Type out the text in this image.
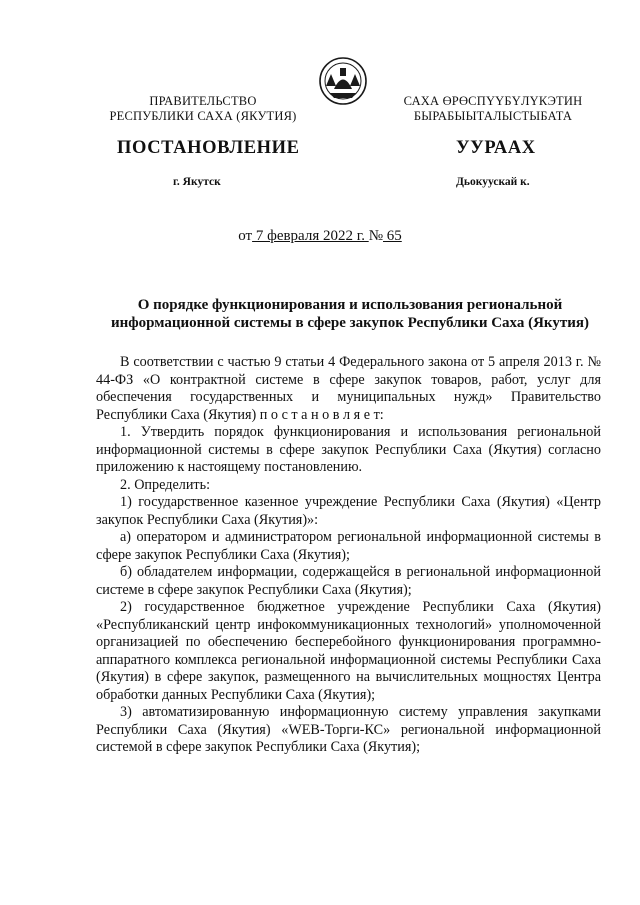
ПРАВИТЕЛЬСТВО
РЕСПУБЛИКИ САХА (ЯКУТИЯ)
САХА ӨРӨСПҮҮБҮЛҮКЭТИН
БЫРАБЫЫТАЛЫСТЫБАТА
ПОСТАНОВЛЕНИЕ	УУРААХ
г. Якутск	Дьокуускай к.
от 7 февраля 2022 г. № 65
О порядке функционирования и использования региональной
информационной системы в сфере закупок Республики Саха (Якутия)

В соответствии с частью 9 статьи 4 Федерального закона от 5 апреля 2013 г. № 44-ФЗ «О контрактной системе в сфере закупок товаров, работ, услуг для обеспечения государственных и муниципальных нужд» Правительство Республики Саха (Якутия) п о с т а н о в л я е т:

1. Утвердить порядок функционирования и использования региональной информационной системы в сфере закупок Республики Саха (Якутия) согласно приложению к настоящему постановлению.

2. Определить:

1) государственное казенное учреждение Республики Саха (Якутия) «Центр закупок Республики Саха (Якутия)»:

а) оператором и администратором региональной информационной системы в сфере закупок Республики Саха (Якутия);

б) обладателем информации, содержащейся в региональной информационной системе в сфере закупок Республики Саха (Якутия);

2) государственное бюджетное учреждение Республики Саха (Якутия) «Республиканский центр инфокоммуникационных технологий» уполномоченной организацией по обеспечению бесперебойного функционирования программно-аппаратного комплекса региональной информационной системы Республики Саха (Якутия) в сфере закупок, размещенного на вычислительных мощностях Центра обработки данных Республики Саха (Якутия);

3) автоматизированную информационную систему управления закупками Республики Саха (Якутия) «WEB-Торги-КС» региональной информационной системой в сфере закупок Республики Саха (Якутия);
